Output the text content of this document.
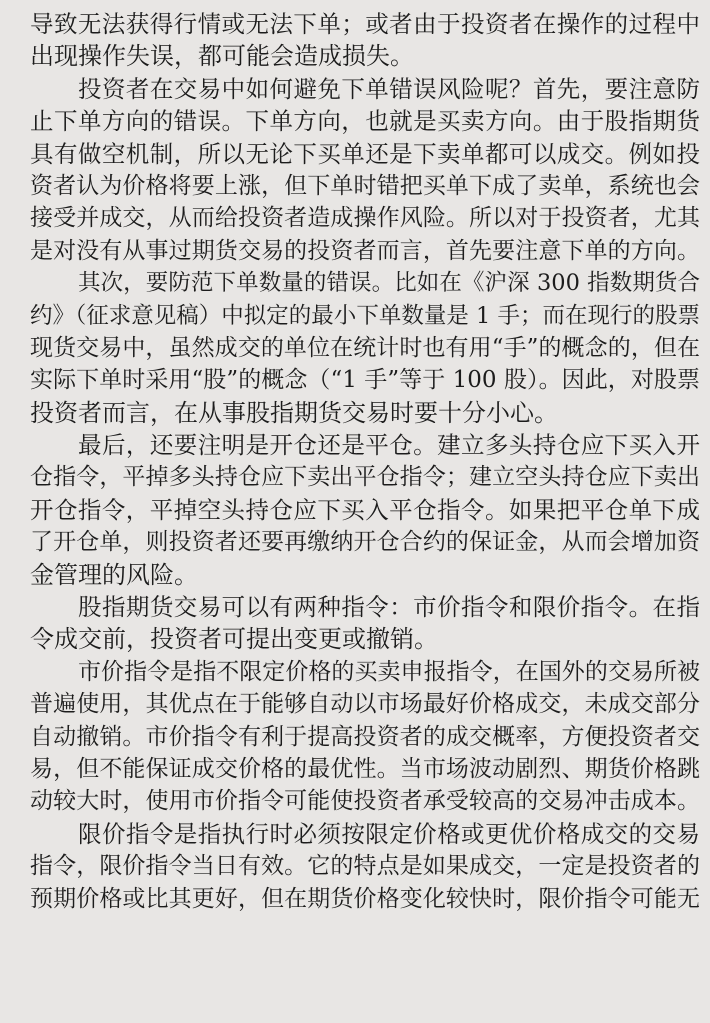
导致无法获得行情或无法下单；或者由于投资者在操作的过程中
出现操作失误，都可能会造成损失。
投资者在交易中如何避免下单错误风险呢？首先，要注意防
止下单方向的错误。下单方向，也就是买卖方向。由于股指期货
具有做空机制，所以无论下买单还是下卖单都可以成交。例如投
资者认为价格将要上涨，但下单时错把买单下成了卖单，系统也会
接受并成交，从而给投资者造成操作风险。所以对于投资者，尤其
是对没有从事过期货交易的投资者而言，首先要注意下单的方向。
其次，要防范下单数量的错误。比如在《沪深 300 指数期货合
约》（征求意见稿）中拟定的最小下单数量是 1 手；而在现行的股票
现货交易中，虽然成交的单位在统计时也有用“手”的概念的，但在
实际下单时采用“股”的概念（“1 手”等于 100 股）。因此，对股票
投资者而言，在从事股指期货交易时要十分小心。
最后，还要注明是开仓还是平仓。建立多头持仓应下买入开
仓指令，平掉多头持仓应下卖出平仓指令；建立空头持仓应下卖出
开仓指令，平掉空头持仓应下买入平仓指令。如果把平仓单下成
了开仓单，则投资者还要再缴纳开仓合约的保证金，从而会增加资
金管理的风险。
股指期货交易可以有两种指令：市价指令和限价指令。在指
令成交前，投资者可提出变更或撤销。
市价指令是指不限定价格的买卖申报指令，在国外的交易所被
普遍使用，其优点在于能够自动以市场最好价格成交，未成交部分
自动撤销。市价指令有利于提高投资者的成交概率，方便投资者交
易，但不能保证成交价格的最优性。当市场波动剧烈、期货价格跳
动较大时，使用市价指令可能使投资者承受较高的交易冲击成本。
限价指令是指执行时必须按限定价格或更优价格成交的交易
指令，限价指令当日有效。它的特点是如果成交，一定是投资者的
预期价格或比其更好，但在期货价格变化较快时，限价指令可能无
